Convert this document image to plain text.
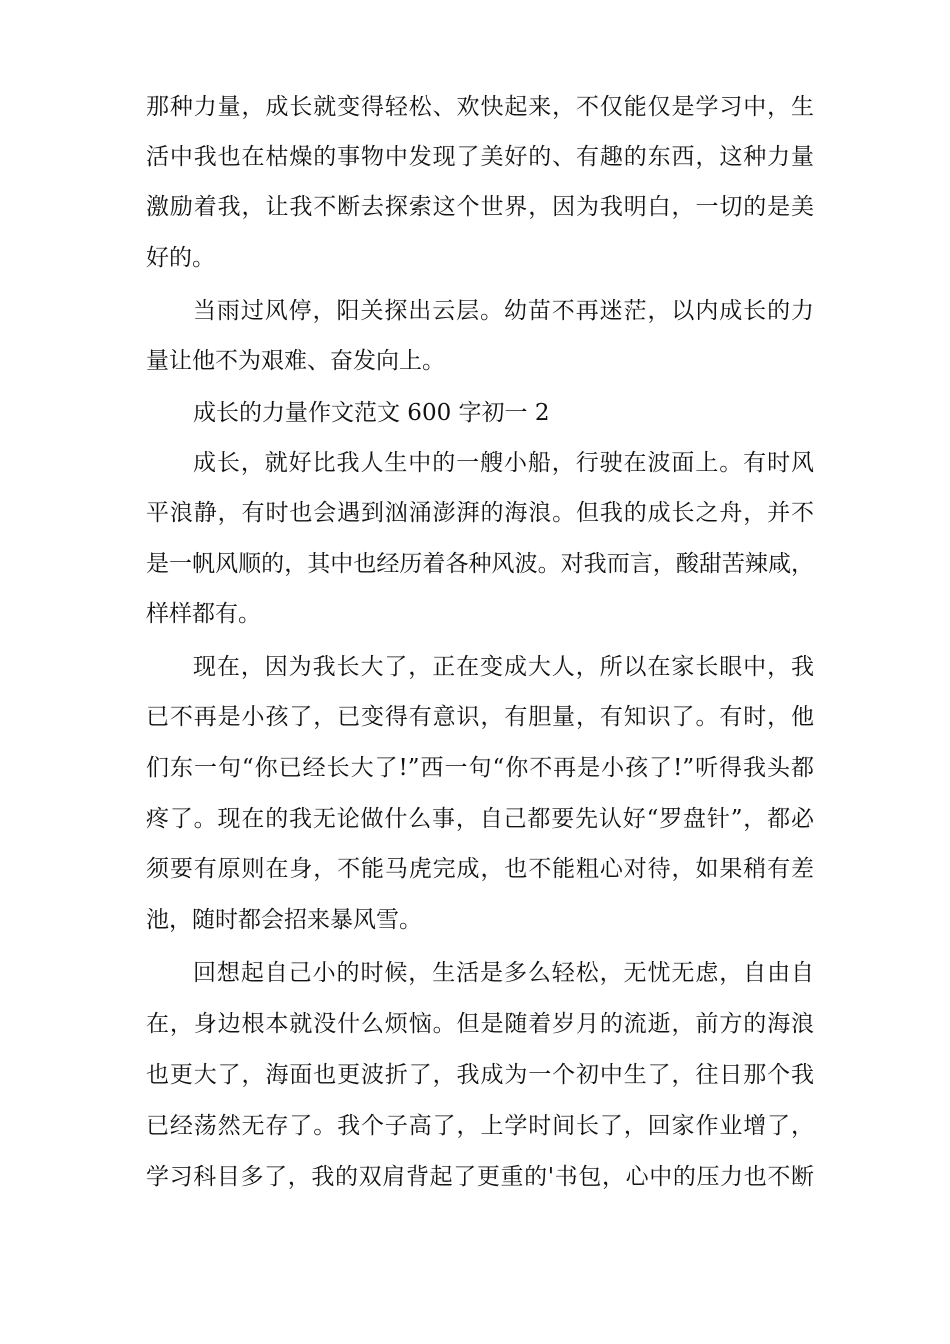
那种力量，成长就变得轻松、欢快起来，不仅能仅是学习中，生
活中我也在枯燥的事物中发现了美好的、有趣的东西，这种力量
激励着我，让我不断去探索这个世界，因为我明白，一切的是美
好的。
当雨过风停，阳关探出云层。幼苗不再迷茫，以内成长的力
量让他不为艰难、奋发向上。
成长的力量作文范文 600 字初一 2
成长，就好比我人生中的一艘小船，行驶在波面上。有时风
平浪静，有时也会遇到汹涌澎湃的海浪。但我的成长之舟，并不
是一帆风顺的，其中也经历着各种风波。对我而言，酸甜苦辣咸，
样样都有。
现在，因为我长大了，正在变成大人，所以在家长眼中，我
已不再是小孩了，已变得有意识，有胆量，有知识了。有时，他
们东一句“你已经长大了!”西一句“你不再是小孩了!”听得我头都
疼了。现在的我无论做什么事，自己都要先认好“罗盘针”，都必
须要有原则在身，不能马虎完成，也不能粗心对待，如果稍有差
池，随时都会招来暴风雪。
回想起自己小的时候，生活是多么轻松，无忧无虑，自由自
在，身边根本就没什么烦恼。但是随着岁月的流逝，前方的海浪
也更大了，海面也更波折了，我成为一个初中生了，往日那个我
已经荡然无存了。我个子高了，上学时间长了，回家作业增了，
学习科目多了，我的双肩背起了更重的'书包，心中的压力也不断
